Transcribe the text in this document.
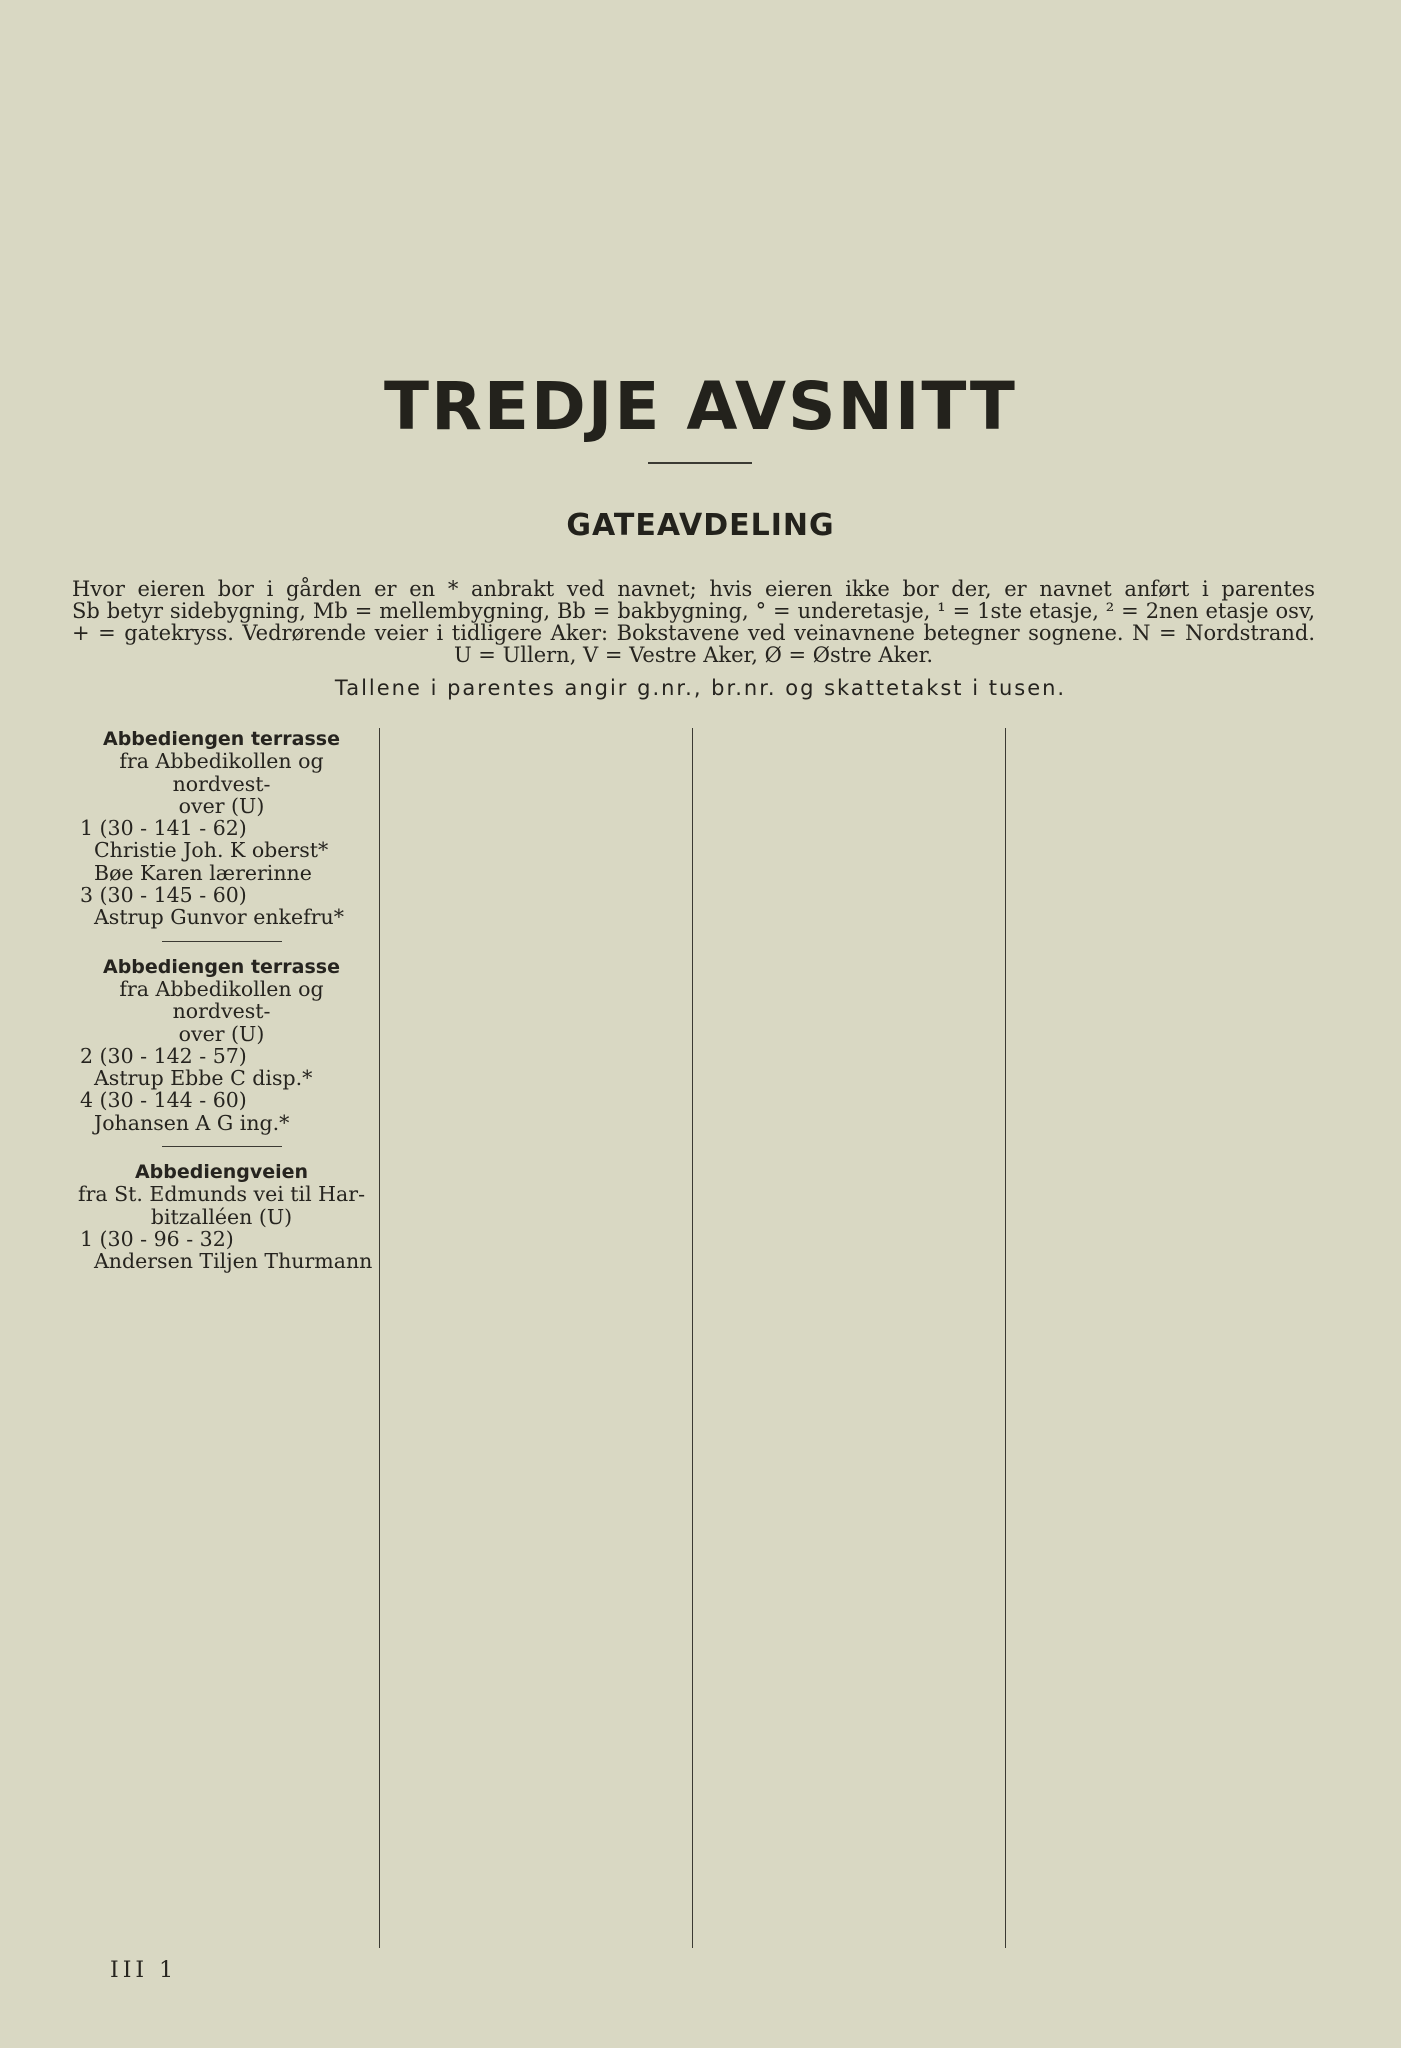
TREDJE AVSNITT
GATEAVDELING
Hvor eieren bor i gården er en * anbrakt ved navnet; hvis eieren ikke bor der, er navnet anført i parentes
Sb betyr sidebygning, Mb = mellembygning, Bb = bakbygning, ° = underetasje, ¹ = 1ste etasje, ² = 2nen etasje osv,
+ = gatekryss. Vedrørende veier i tidligere Aker: Bokstavene ved veinavnene betegner sognene. N = Nordstrand.
U = Ullern, V = Vestre Aker, Ø = Østre Aker.
Tallene i parentes angir g.nr., br.nr. og skattetakst i tusen.
Abbediengen terrasse
fra Abbedikollen og nordvest-
over (U)
1 (30 - 141 - 62)
Christie Joh. K oberst*
Bøe Karen lærerinne
3 (30 - 145 - 60)
Astrup Gunvor enkefru*
Abbediengen terrasse
fra Abbedikollen og nordvest-
over (U)
2 (30 - 142 - 57)
Astrup Ebbe C disp.*
4 (30 - 144 - 60)
Johansen A G ing.*
Abbediengveien
fra St. Edmunds vei til Har-
bitzalléen (U)
1 (30 - 96 - 32)
Andersen Tiljen Thurmann
III 1
